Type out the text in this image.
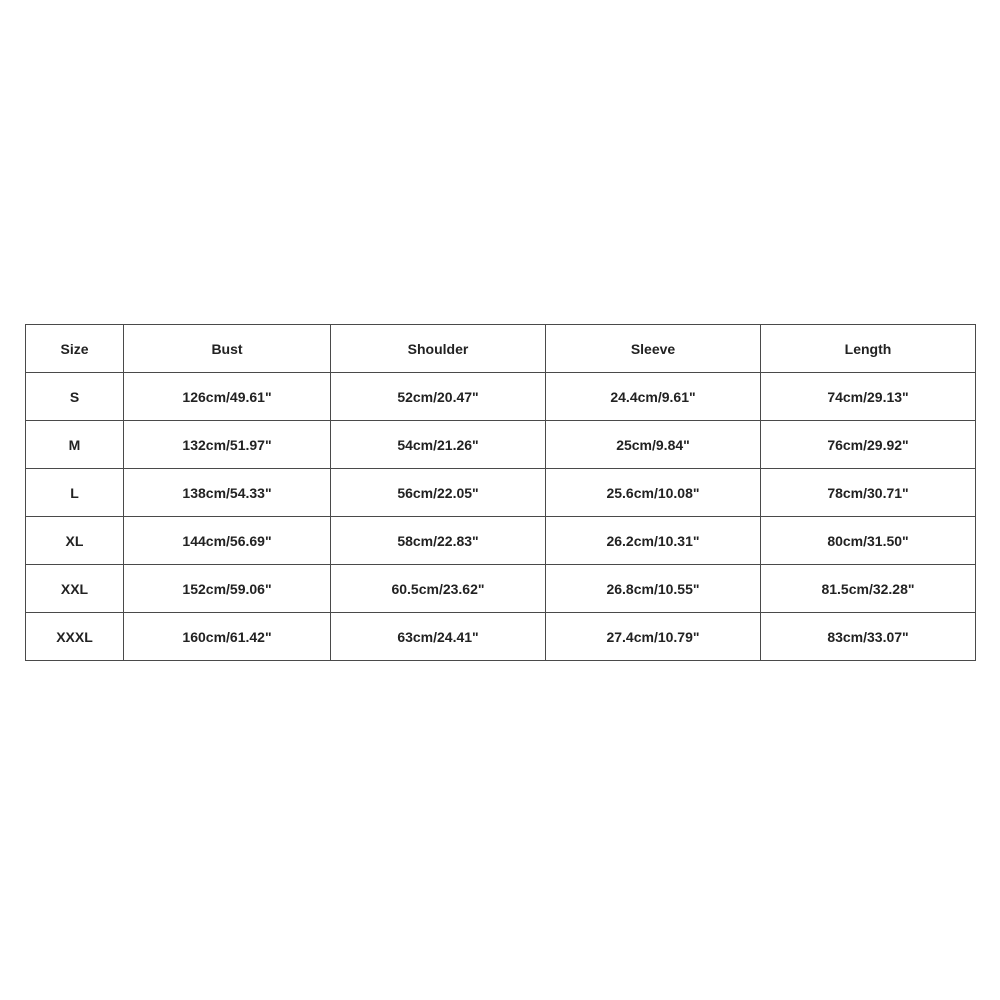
Size	Bust	Shoulder	Sleeve	Length
S	126cm/49.61"	52cm/20.47"	24.4cm/9.61"	74cm/29.13"
M	132cm/51.97"	54cm/21.26"	25cm/9.84"	76cm/29.92"
L	138cm/54.33"	56cm/22.05"	25.6cm/10.08"	78cm/30.71"
XL	144cm/56.69"	58cm/22.83"	26.2cm/10.31"	80cm/31.50"
XXL	152cm/59.06"	60.5cm/23.62"	26.8cm/10.55"	81.5cm/32.28"
XXXL	160cm/61.42"	63cm/24.41"	27.4cm/10.79"	83cm/33.07"
